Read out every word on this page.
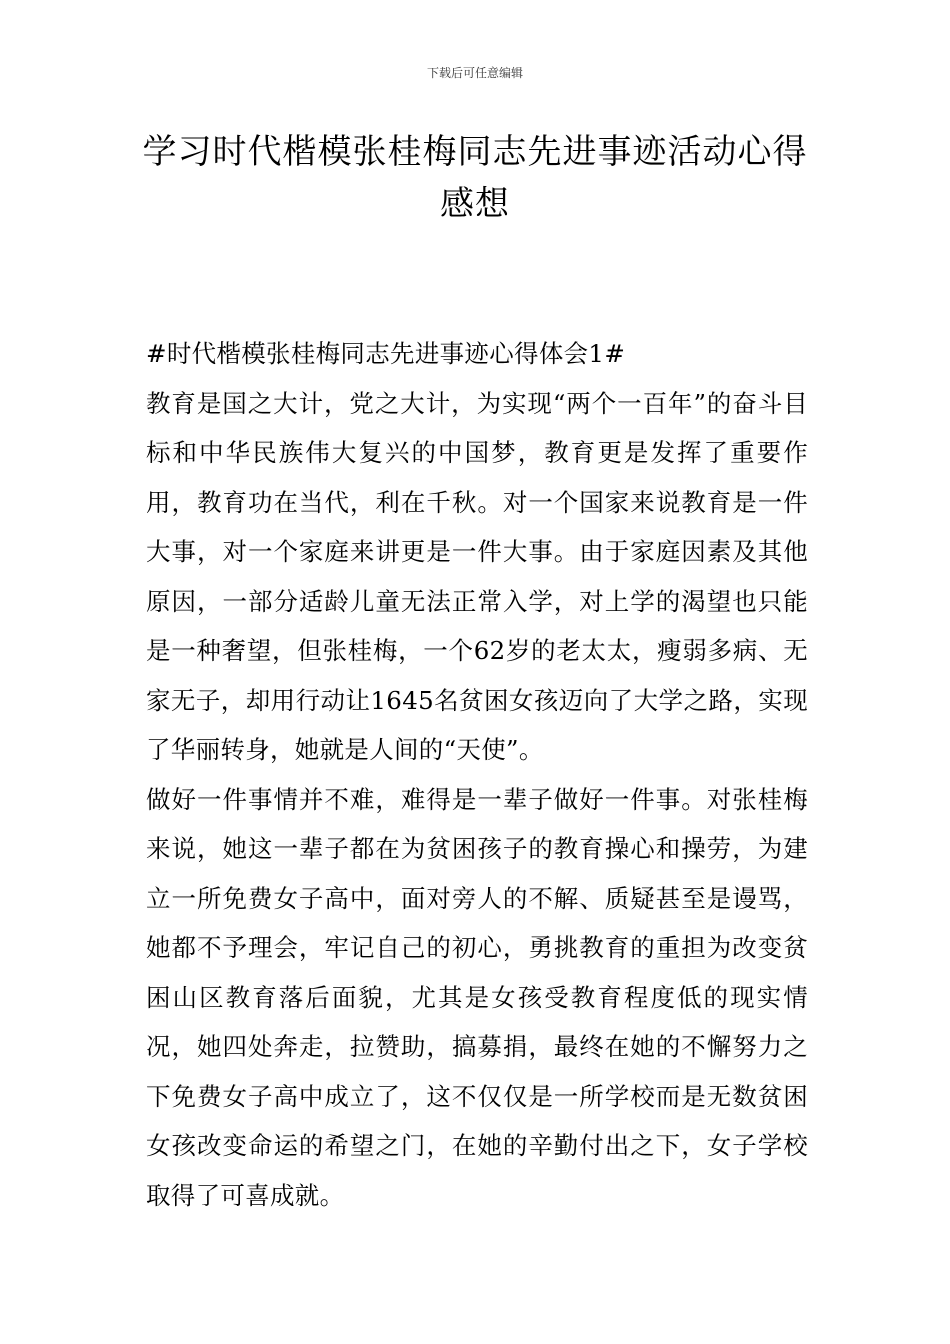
下载后可任意编辑
学习时代楷模张桂梅同志先进事迹活动心得感想

#时代楷模张桂梅同志先进事迹心得体会1#

教育是国之大计，党之大计，为实现“两个一百年”的奋斗目标和中华民族伟大复兴的中国梦，教育更是发挥了重要作用，教育功在当代，利在千秋。对一个国家来说教育是一件大事，对一个家庭来讲更是一件大事。由于家庭因素及其他原因，一部分适龄儿童无法正常入学，对上学的渴望也只能是一种奢望，但张桂梅，一个62岁的老太太，瘦弱多病、无家无子，却用行动让1645名贫困女孩迈向了大学之路，实现了华丽转身，她就是人间的“天使”。

做好一件事情并不难，难得是一辈子做好一件事。对张桂梅来说，她这一辈子都在为贫困孩子的教育操心和操劳，为建立一所免费女子高中，面对旁人的不解、质疑甚至是谩骂，她都不予理会，牢记自己的初心，勇挑教育的重担为改变贫困山区教育落后面貌，尤其是女孩受教育程度低的现实情况，她四处奔走，拉赞助，搞募捐，最终在她的不懈努力之下免费女子高中成立了，这不仅仅是一所学校而是无数贫困女孩改变命运的希望之门，在她的辛勤付出之下，女子学校取得了可喜成就。
